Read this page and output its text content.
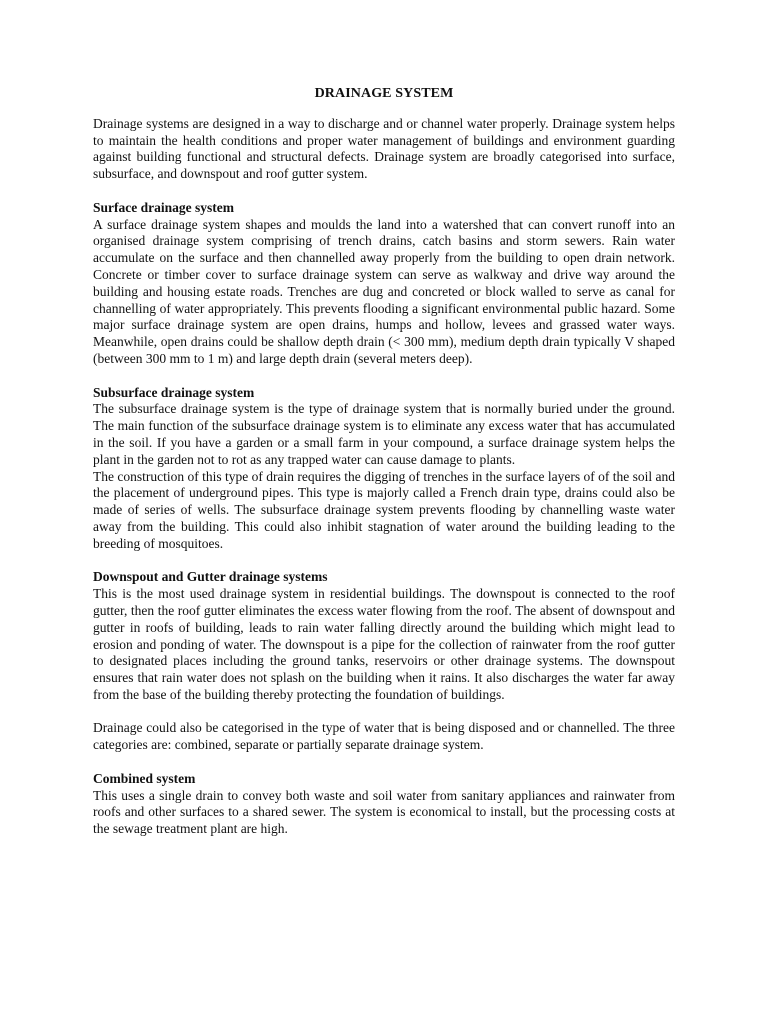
DRAINAGE SYSTEM

Drainage systems are designed in a way to discharge and or channel water properly. Drainage system helps to maintain the health conditions and proper water management of buildings and environment guarding against building functional and structural defects. Drainage system are broadly categorised into surface, subsurface, and downspout and roof gutter system.

Surface drainage system

A surface drainage system shapes and moulds the land into a watershed that can convert runoff into an organised drainage system comprising of trench drains, catch basins and storm sewers. Rain water accumulate on the surface and then channelled away properly from the building to open drain network. Concrete or timber cover to surface drainage system can serve as walkway and drive way around the building and housing estate roads. Trenches are dug and concreted or block walled to serve as canal for channelling of water appropriately. This prevents flooding a significant environmental public hazard. Some major surface drainage system are open drains, humps and hollow, levees and grassed water ways. Meanwhile, open drains could be shallow depth drain (< 300 mm), medium depth drain typically V shaped (between 300 mm to 1 m) and large depth drain (several meters deep).

Subsurface drainage system

The subsurface drainage system is the type of drainage system that is normally buried under the ground. The main function of the subsurface drainage system is to eliminate any excess water that has accumulated in the soil. If you have a garden or a small farm in your compound, a surface drainage system helps the plant in the garden not to rot as any trapped water can cause damage to plants.

The construction of this type of drain requires the digging of trenches in the surface layers of of the soil and the placement of underground pipes. This type is majorly called a French drain type, drains could also be made of series of wells. The subsurface drainage system prevents flooding by channelling waste water away from the building. This could also inhibit stagnation of water around the building leading to the breeding of mosquitoes.

Downspout and Gutter drainage systems

This is the most used drainage system in residential buildings. The downspout is connected to the roof gutter, then the roof gutter eliminates the excess water flowing from the roof. The absent of downspout and gutter in roofs of building, leads to rain water falling directly around the building which might lead to erosion and ponding of water. The downspout is a pipe for the collection of rainwater from the roof gutter to designated places including the ground tanks, reservoirs or other drainage systems. The downspout ensures that rain water does not splash on the building when it rains. It also discharges the water far away from the base of the building thereby protecting the foundation of buildings.

Drainage could also be categorised in the type of water that is being disposed and or channelled. The three categories are: combined, separate or partially separate drainage system.

Combined system

This uses a single drain to convey both waste and soil water from sanitary appliances and rainwater from roofs and other surfaces to a shared sewer. The system is economical to install, but the processing costs at the sewage treatment plant are high.
